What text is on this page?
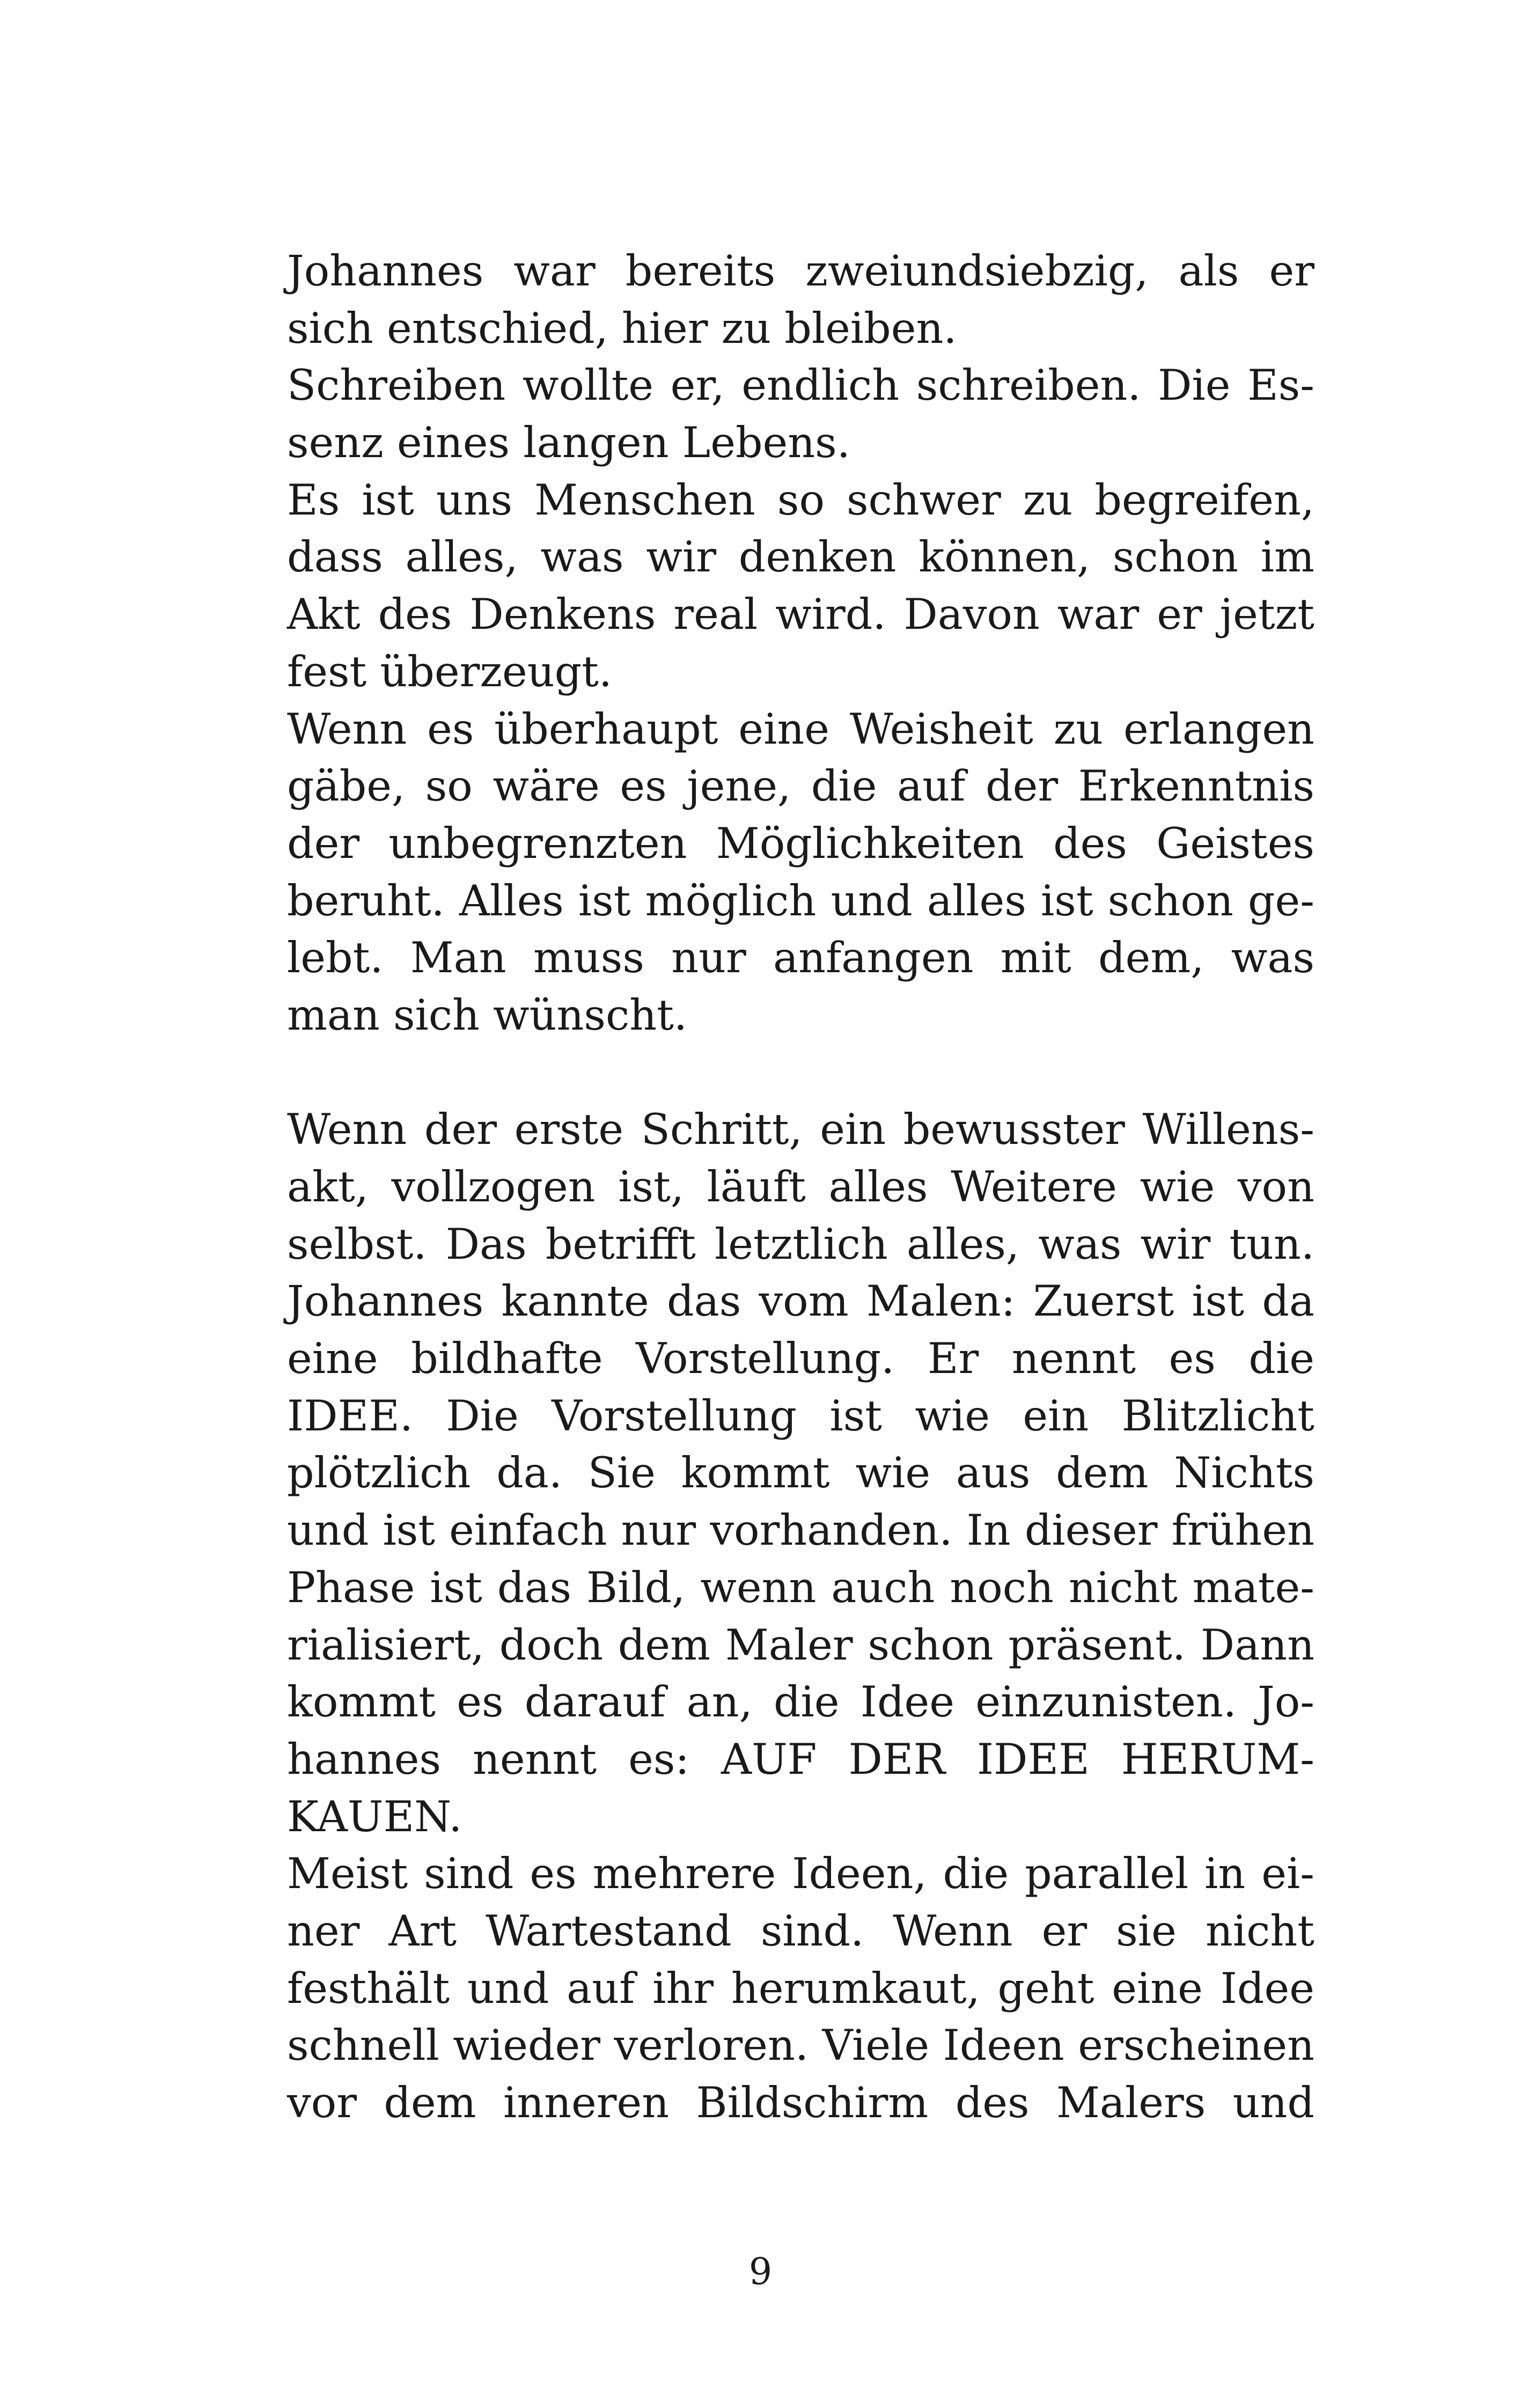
Johannes war bereits zweiundsiebzig, als er
sich entschied, hier zu bleiben.
Schreiben wollte er, endlich schreiben. Die Es-
senz eines langen Lebens.
Es ist uns Menschen so schwer zu begreifen,
dass alles, was wir denken können, schon im
Akt des Denkens real wird. Davon war er jetzt
fest überzeugt.
Wenn es überhaupt eine Weisheit zu erlangen
gäbe, so wäre es jene, die auf der Erkenntnis
der unbegrenzten Möglichkeiten des Geistes
beruht. Alles ist möglich und alles ist schon ge-
lebt. Man muss nur anfangen mit dem, was
man sich wünscht.
Wenn der erste Schritt, ein bewusster Willens-
akt, vollzogen ist, läuft alles Weitere wie von
selbst. Das betrifft letztlich alles, was wir tun.
Johannes kannte das vom Malen: Zuerst ist da
eine bildhafte Vorstellung. Er nennt es die
IDEE. Die Vorstellung ist wie ein Blitzlicht
plötzlich da. Sie kommt wie aus dem Nichts
und ist einfach nur vorhanden. In dieser frühen
Phase ist das Bild, wenn auch noch nicht mate-
rialisiert, doch dem Maler schon präsent. Dann
kommt es darauf an, die Idee einzunisten. Jo-
hannes nennt es: AUF DER IDEE HERUM-
KAUEN.
Meist sind es mehrere Ideen, die parallel in ei-
ner Art Wartestand sind. Wenn er sie nicht
festhält und auf ihr herumkaut, geht eine Idee
schnell wieder verloren. Viele Ideen erscheinen
vor dem inneren Bildschirm des Malers und
9
